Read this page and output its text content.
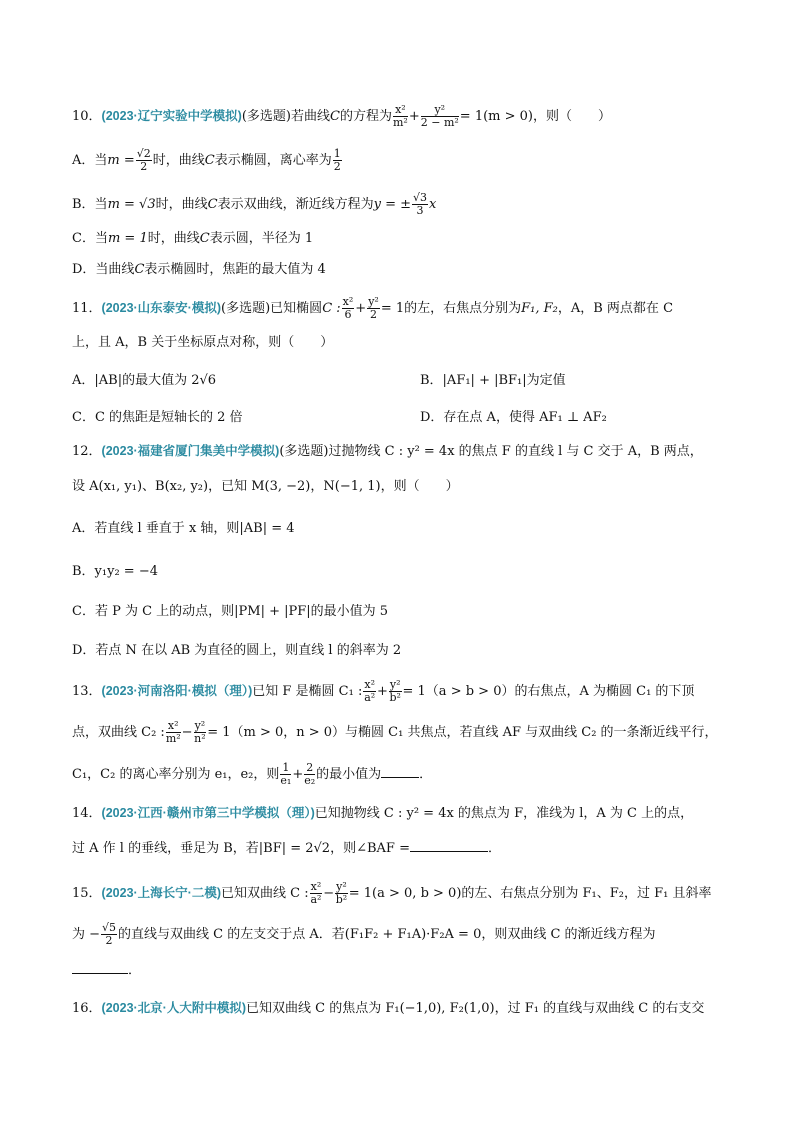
10．(2023·辽宁实验中学模拟)(多选题)若曲线C的方程为 $\frac{\text{x²}}{\text{m²}} + \frac{\text{y²}}{\text{2 − m²}} = 1(m > 0)$，则（　　）
A．当$m = \frac{√2}{2}$ 时，曲线C表示椭圆，离心率为 $\frac{1}{2}$
B．当m = √3时，曲线C表示双曲线，渐近线方程为y = ± $\frac{√3}{3}$ x
C．当m = 1时，曲线C表示圆，半径为 1
D．当曲线C表示椭圆时，焦距的最大值为 4
11．(2023·山东泰安·模拟)(多选题)已知椭圆C : $\frac{\text{x²}}{6} + \frac{\text{y²}}{2} = 1$的左，右焦点分别为F₁, F₂，A，B 两点都在 C
上，且 A，B 关于坐标原点对称，则（　　）
A．|AB|的最大值为 2√6	B．|AF₁| + |BF₁|为定值
C．C 的焦距是短轴长的 2 倍	D．存在点 A，使得 AF₁ ⊥ AF₂
12．(2023·福建省厦门集美中学模拟)(多选题)过抛物线 C : y² = 4x 的焦点 F 的直线 l 与 C 交于 A，B 两点，
设 A(x₁, y₁)、B(x₂, y₂)，已知 M(3, −2)，N(−1, 1)，则（　　）
A．若直线 l 垂直于 x 轴，则|AB| = 4
B．y₁y₂ = −4
C．若 P 为 C 上的动点，则|PM| + |PF|的最小值为 5
D．若点 N 在以 AB 为直径的圆上，则直线 l 的斜率为 2
13．(2023·河南洛阳·模拟（理）)已知 F 是椭圆 C₁ : $\frac{\text{x²}}{\text{a²}} + \frac{\text{y²}}{\text{b²}} = 1(a > b > 0)$的右焦点，A 为椭圆 C₁ 的下顶
点，双曲线 C₂ : $\frac{\text{x²}}{\text{m²}} - \frac{\text{y²}}{\text{n²}} = 1(m > 0$，n > 0）与椭圆 C₁ 共焦点，若直线 AF 与双曲线 C₂ 的一条渐近线平行，
C₁，C₂ 的离心率分别为 e₁，e₂，则 $\frac{1}{\text{e₁}} + \frac{2}{\text{e₂}}$ 的最小值为	．
14．(2023·江西·赣州市第三中学模拟（理）)已知抛物线 C : y² = 4x 的焦点为 F，准线为 l，A 为 C 上的点，
过 A 作 l 的垂线，垂足为 B，若|BF| = 2√2，则∠BAF =	．
15．(2023·上海长宁·二模)已知双曲线 C : $\frac{\text{x²}}{\text{a²}} - \frac{\text{y²}}{\text{b²}} = 1(a > 0$, b > 0)的左、右焦点分别为 F₁、F₂，过 F₁ 且斜率
为 − $\frac{√5}{2}$ 的直线与双曲线 C 的左支交于点 A．若(F₁F₂ + F₁A)·F₂A = 0，则双曲线 C 的渐近线方程为
．
16．(2023·北京·人大附中模拟)已知双曲线 C 的焦点为 F₁(−1,0), F₂(1,0)，过 F₁ 的直线与双曲线 C 的右支交
